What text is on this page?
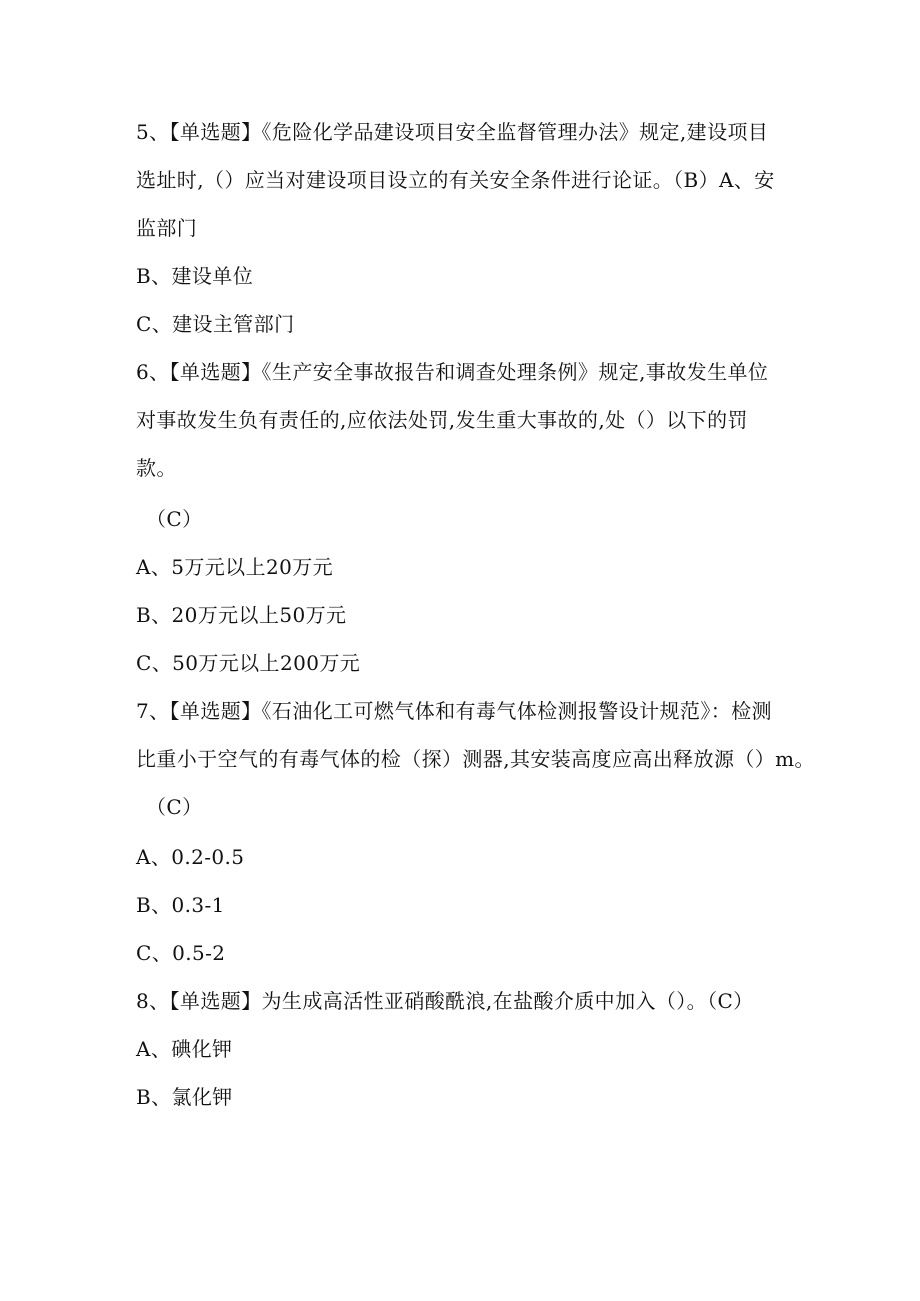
5、【单选题】《危险化学品建设项目安全监督管理办法》规定,建设项目
选址时,（）应当对建设项目设立的有关安全条件进行论证。（B）A、安
监部门
B、建设单位
C、建设主管部门
6、【单选题】《生产安全事故报告和调查处理条例》规定,事故发生单位
对事故发生负有责任的,应依法处罚,发生重大事故的,处（）以下的罚
款。
（C）
A、5万元以上20万元
B、20万元以上50万元
C、50万元以上200万元
7、【单选题】《石油化工可燃气体和有毒气体检测报警设计规范》：检测
比重小于空气的有毒气体的检（探）测器,其安装高度应高出释放源（）m。
（C）
A、0.2-0.5
B、0.3-1
C、0.5-2
8、【单选题】为生成高活性亚硝酸酰浪,在盐酸介质中加入（）。（C）
A、碘化钾
B、氯化钾
